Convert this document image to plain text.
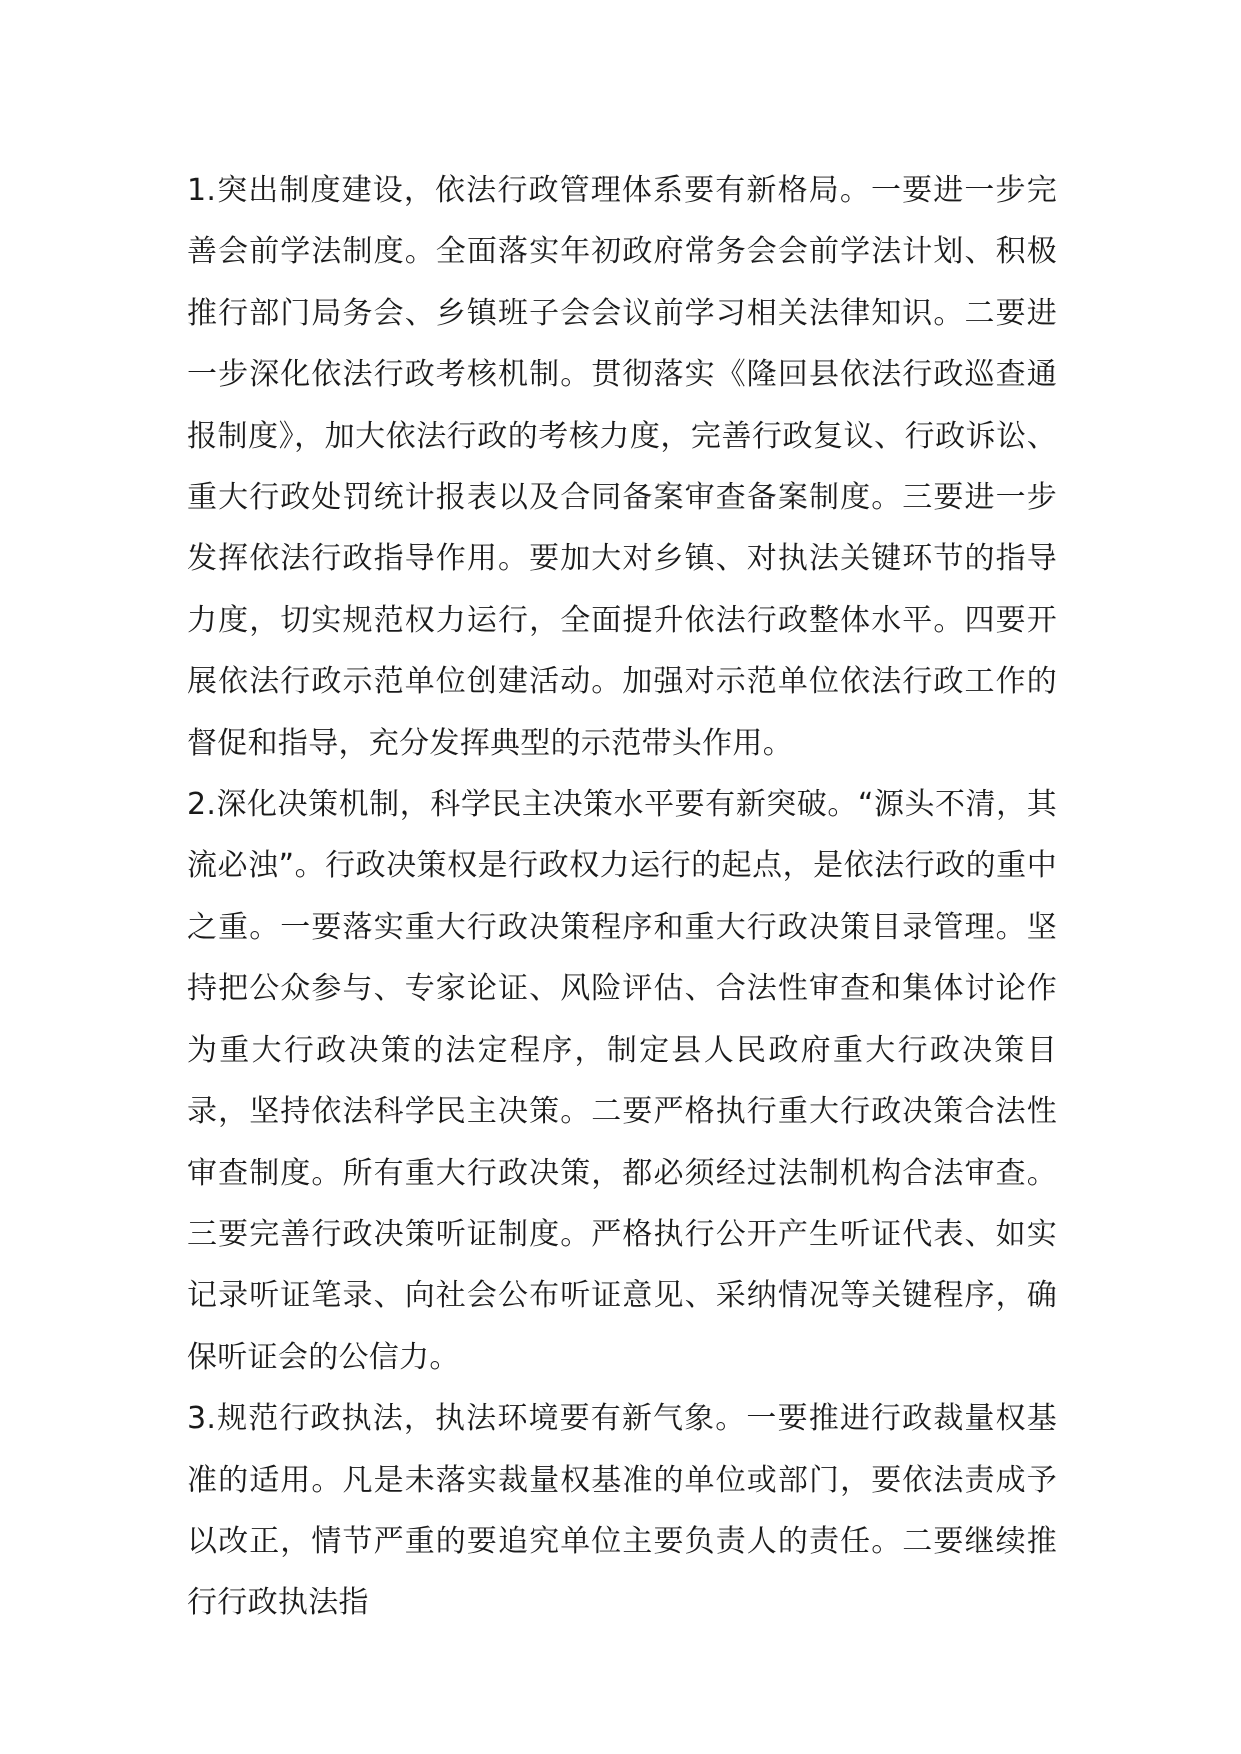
1.突出制度建设，依法行政管理体系要有新格局。一要进一步完善会前学法制度。全面落实年初政府常务会会前学法计划、积极推行部门局务会、乡镇班子会会议前学习相关法律知识。二要进一步深化依法行政考核机制。贯彻落实《隆回县依法行政巡查通报制度》，加大依法行政的考核力度，完善行政复议、行政诉讼、重大行政处罚统计报表以及合同备案审查备案制度。三要进一步发挥依法行政指导作用。要加大对乡镇、对执法关键环节的指导力度，切实规范权力运行，全面提升依法行政整体水平。四要开展依法行政示范单位创建活动。加强对示范单位依法行政工作的督促和指导，充分发挥典型的示范带头作用。

2.深化决策机制，科学民主决策水平要有新突破。“源头不清，其流必浊”。行政决策权是行政权力运行的起点，是依法行政的重中之重。一要落实重大行政决策程序和重大行政决策目录管理。坚持把公众参与、专家论证、风险评估、合法性审查和集体讨论作为重大行政决策的法定程序，制定县人民政府重大行政决策目录，坚持依法科学民主决策。二要严格执行重大行政决策合法性审查制度。所有重大行政决策，都必须经过法制机构合法审查。三要完善行政决策听证制度。严格执行公开产生听证代表、如实记录听证笔录、向社会公布听证意见、采纳情况等关键程序，确保听证会的公信力。

3.规范行政执法，执法环境要有新气象。一要推进行政裁量权基准的适用。凡是未落实裁量权基准的单位或部门，要依法责成予以改正，情节严重的要追究单位主要负责人的责任。二要继续推行行政执法指
